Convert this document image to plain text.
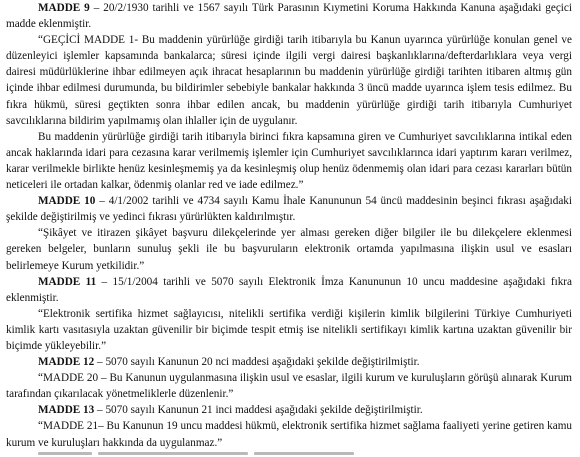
MADDE 9 – 20/2/1930 tarihli ve 1567 sayılı Türk Parasının Kıymetini Koruma Hakkında Kanuna aşağıdaki geçici madde eklenmiştir.

“GEÇİCİ MADDE 1- Bu maddenin yürürlüğe girdiği tarih itibarıyla bu Kanun uyarınca yürürlüğe konulan genel ve düzenleyici işlemler kapsamında bankalarca; süresi içinde ilgili vergi dairesi başkanlıklarına/defterdarlıklara veya vergi dairesi müdürlüklerine ihbar edilmeyen açık ihracat hesaplarının bu maddenin yürürlüğe girdiği tarihten itibaren altmış gün içinde ihbar edilmesi durumunda, bu bildirimler sebebiyle bankalar hakkında 3 üncü madde uyarınca işlem tesis edilmez. Bu fıkra hükmü, süresi geçtikten sonra ihbar edilen ancak, bu maddenin yürürlüğe girdiği tarih itibarıyla Cumhuriyet savcılıklarına bildirim yapılmamış olan ihlaller için de uygulanır.

Bu maddenin yürürlüğe girdiği tarih itibarıyla birinci fıkra kapsamına giren ve Cumhuriyet savcılıklarına intikal eden ancak haklarında idari para cezasına karar verilmemiş işlemler için Cumhuriyet savcılıklarınca idari yaptırım kararı verilmez, karar verilmekle birlikte henüz kesinleşmemiş ya da kesinleşmiş olup henüz ödenmemiş olan idari para cezası kararları bütün neticeleri ile ortadan kalkar, ödenmiş olanlar red ve iade edilmez.”

MADDE 10 – 4/1/2002 tarihli ve 4734 sayılı Kamu İhale Kanununun 54 üncü maddesinin beşinci fıkrası aşağıdaki şekilde değiştirilmiş ve yedinci fıkrası yürürlükten kaldırılmıştır.

“Şikâyet ve itirazen şikâyet başvuru dilekçelerinde yer alması gereken diğer bilgiler ile bu dilekçelere eklenmesi gereken belgeler, bunların sunuluş şekli ile bu başvuruların elektronik ortamda yapılmasına ilişkin usul ve esasları belirlemeye Kurum yetkilidir.”

MADDE 11 – 15/1/2004 tarihli ve 5070 sayılı Elektronik İmza Kanununun 10 uncu maddesine aşağıdaki fıkra eklenmiştir.

“Elektronik sertifika hizmet sağlayıcısı, nitelikli sertifika verdiği kişilerin kimlik bilgilerini Türkiye Cumhuriyeti kimlik kartı vasıtasıyla uzaktan güvenilir bir biçimde tespit etmiş ise nitelikli sertifikayı kimlik kartına uzaktan güvenilir bir biçimde yükleyebilir.”

MADDE 12 – 5070 sayılı Kanunun 20 nci maddesi aşağıdaki şekilde değiştirilmiştir.

“MADDE 20 – Bu Kanunun uygulanmasına ilişkin usul ve esaslar, ilgili kurum ve kuruluşların görüşü alınarak Kurum tarafından çıkarılacak yönetmeliklerle düzenlenir.”

MADDE 13 – 5070 sayılı Kanunun 21 inci maddesi aşağıdaki şekilde değiştirilmiştir.

“MADDE 21– Bu Kanunun 19 uncu maddesi hükmü, elektronik sertifika hizmet sağlama faaliyeti yerine getiren kamu kurum ve kuruluşları hakkında da uygulanmaz.”
